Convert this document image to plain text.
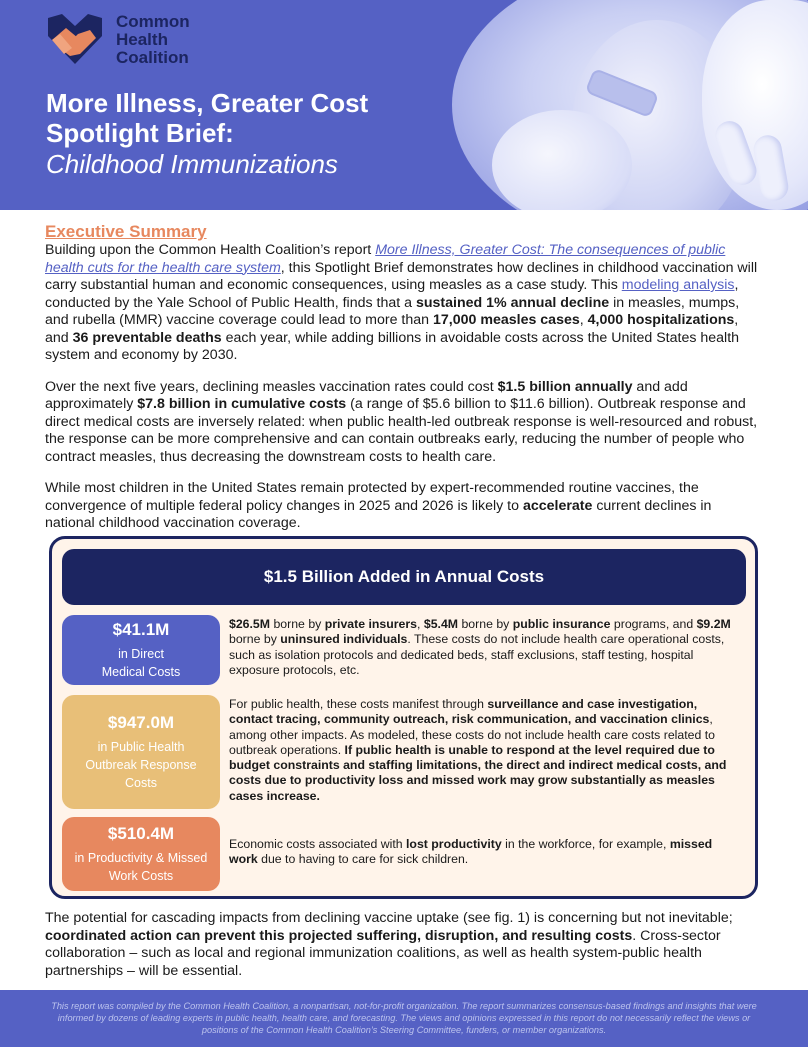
Common
Health
Coalition
More Illness, Greater Cost
Spotlight Brief:
Childhood Immunizations
Executive Summary

Building upon the Common Health Coalition’s report More Illness, Greater Cost: The consequences of public health cuts for the health care system, this Spotlight Brief demonstrates how declines in childhood vaccination will carry substantial human and economic consequences, using measles as a case study. This modeling analysis, conducted by the Yale School of Public Health, finds that a sustained 1% annual decline in measles, mumps, and rubella (MMR) vaccine coverage could lead to more than 17,000 measles cases, 4,000 hospitalizations, and 36 preventable deaths each year, while adding billions in avoidable costs across the United States health system and economy by 2030.

Over the next five years, declining measles vaccination rates could cost $1.5 billion annually and add approximately $7.8 billion in cumulative costs (a range of $5.6 billion to $11.6 billion). Outbreak response and direct medical costs are inversely related: when public health-led outbreak response is well-resourced and robust, the response can be more comprehensive and can contain outbreaks early, reducing the number of people who contract measles, thus decreasing the downstream costs to health care.

While most children in the United States remain protected by expert-recommended routine vaccines, the convergence of multiple federal policy changes in 2025 and 2026 is likely to accelerate current declines in national childhood vaccination coverage.

$1.5 Billion Added in Annual Costs
$41.1M
in Direct
Medical Costs
$26.5M borne by private insurers, $5.4M borne by public insurance programs, and $9.2M borne by uninsured individuals. These costs do not include health care operational costs, such as isolation protocols and dedicated beds, staff exclusions, staff testing, hospital exposure protocols, etc.
$947.0M
in Public Health
Outbreak Response
Costs
For public health, these costs manifest through surveillance and case investigation, contact tracing, community outreach, risk communication, and vaccination clinics, among other impacts. As modeled, these costs do not include health care costs related to outbreak operations. If public health is unable to respond at the level required due to budget constraints and staffing limitations, the direct and indirect medical costs, and costs due to productivity loss and missed work may grow substantially as measles cases increase.
$510.4M
in Productivity & Missed
Work Costs
Economic costs associated with lost productivity in the workforce, for example, missed work due to having to care for sick children.

The potential for cascading impacts from declining vaccine uptake (see fig. 1) is concerning but not inevitable; coordinated action can prevent this projected suffering, disruption, and resulting costs. Cross-sector collaboration – such as local and regional immunization coalitions, as well as health system-public health partnerships – will be essential.

This report was compiled by the Common Health Coalition, a nonpartisan, not-for-profit organization. The report summarizes consensus-based findings and insights that were informed by dozens of leading experts in public health, health care, and forecasting. The views and opinions expressed in this report do not necessarily reflect the views or positions of the Common Health Coalition’s Steering Committee, funders, or member organizations.
